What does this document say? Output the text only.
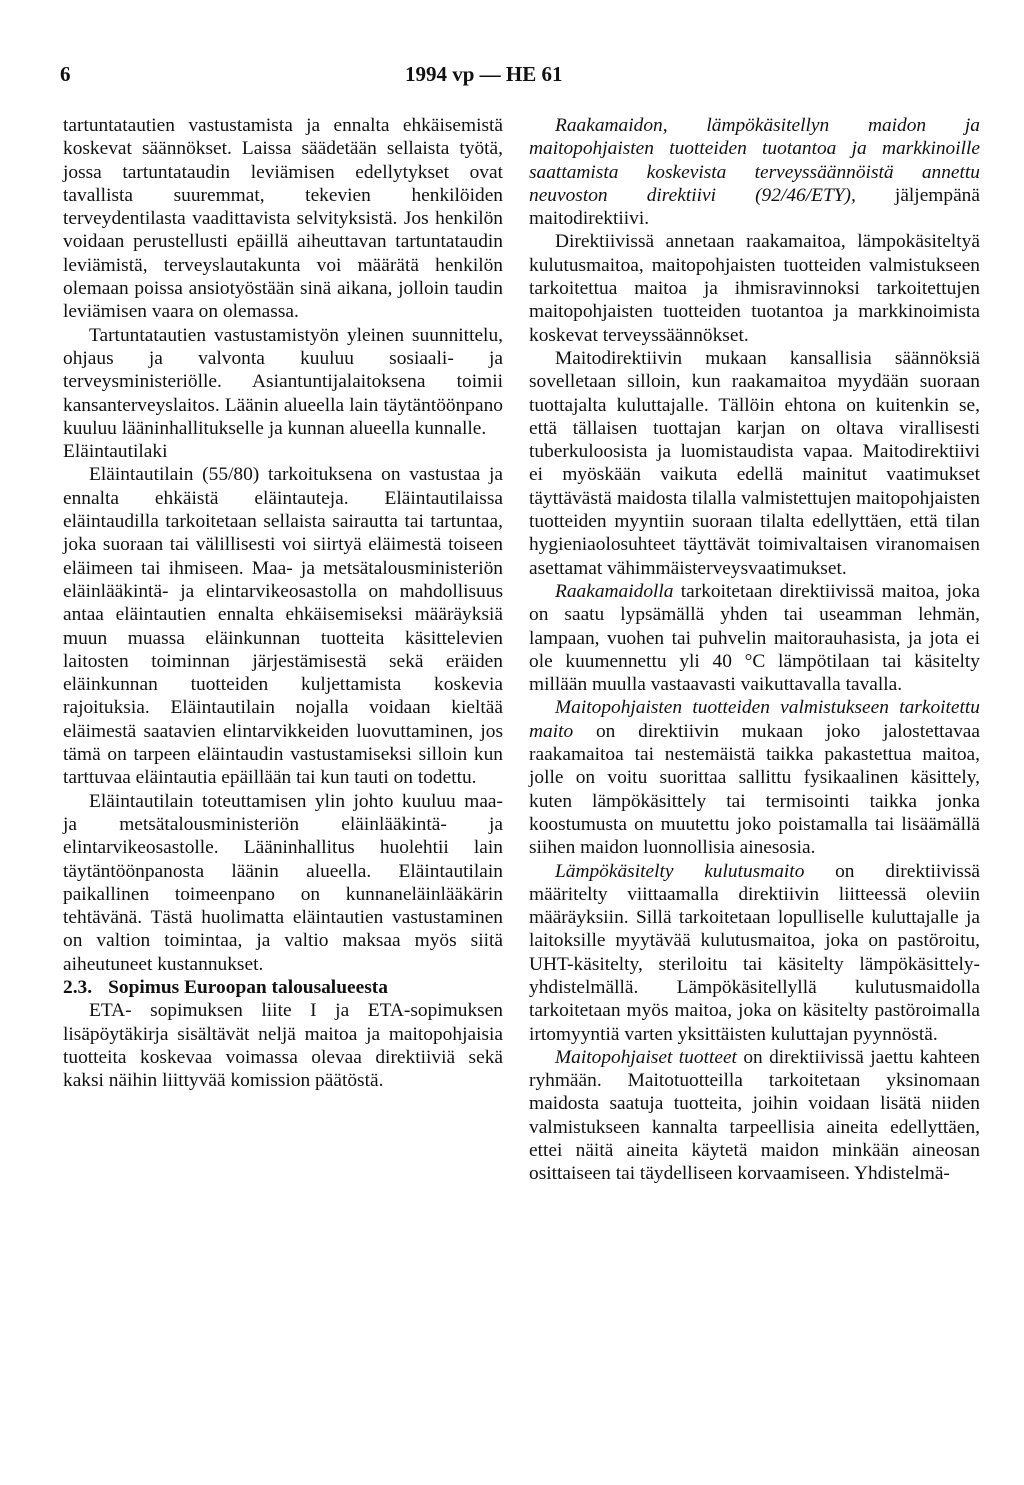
6	1994 vp — HE 61

tartuntatautien vastustamista ja ennalta ehkäisemistä koskevat säännökset. Laissa säädetään sellaista työtä, jossa tartuntataudin leviämisen edellytykset ovat tavallista suuremmat, tekevien henkilöiden terveydentilasta vaadittavista selvityksistä. Jos henkilön voidaan perustellusti epäillä aiheuttavan tartuntataudin leviämistä, terveyslautakunta voi määrätä henkilön olemaan poissa ansiotyöstään sinä aikana, jolloin taudin leviämisen vaara on olemassa.

Tartuntatautien vastustamistyön yleinen suunnittelu, ohjaus ja valvonta kuuluu sosiaali- ja terveysministeriölle. Asiantuntijalaitoksena toimii kansanterveyslaitos. Läänin alueella lain täytäntöönpano kuuluu lääninhallitukselle ja kunnan alueella kunnalle.

Eläintautilaki

Eläintautilain (55/80) tarkoituksena on vastustaa ja ennalta ehkäistä eläintauteja. Eläintautilaissa eläintaudilla tarkoitetaan sellaista sairautta tai tartuntaa, joka suoraan tai välillisesti voi siirtyä eläimestä toiseen eläimeen tai ihmiseen. Maa- ja metsätalousministeriön eläinlääkintä- ja elintarvikeosastolla on mahdollisuus antaa eläintautien ennalta ehkäisemiseksi määräyksiä muun muassa eläinkunnan tuotteita käsittelevien laitosten toiminnan järjestämisestä sekä eräiden eläinkunnan tuotteiden kuljettamista koskevia rajoituksia. Eläintautilain nojalla voidaan kieltää eläimestä saatavien elintarvikkeiden luovuttaminen, jos tämä on tarpeen eläintaudin vastustamiseksi silloin kun tarttuvaa eläintautia epäillään tai kun tauti on todettu.

Eläintautilain toteuttamisen ylin johto kuuluu maa- ja metsätalousministeriön eläinlääkintä- ja elintarvikeosastolle. Lääninhallitus huolehtii lain täytäntöönpanosta läänin alueella. Eläintautilain paikallinen toimeenpano on kunnaneläinlääkärin tehtävänä. Tästä huolimatta eläintautien vastustaminen on valtion toimintaa, ja valtio maksaa myös siitä aiheutuneet kustannukset.

2.3. Sopimus Euroopan talousalueesta

ETA- sopimuksen liite I ja ETA-sopimuksen lisäpöytäkirja sisältävät neljä maitoa ja maitopohjaisia tuotteita koskevaa voimassa olevaa direktiiviä sekä kaksi näihin liittyvää komission päätöstä.

Raakamaidon, lämpökäsitellyn maidon ja maitopohjaisten tuotteiden tuotantoa ja markkinoille saattamista koskevista terveyssäännöistä annettu neuvoston direktiivi (92/46/ETY), jäljempänä maitodirektiivi.

Direktiivissä annetaan raakamaitoa, lämpokäsiteltyä kulutusmaitoa, maitopohjaisten tuotteiden valmistukseen tarkoitettua maitoa ja ihmisravinnoksi tarkoitettujen maitopohjaisten tuotteiden tuotantoa ja markkinoimista koskevat terveyssäännökset.

Maitodirektiivin mukaan kansallisia säännöksiä sovelletaan silloin, kun raakamaitoa myydään suoraan tuottajalta kuluttajalle. Tällöin ehtona on kuitenkin se, että tällaisen tuottajan karjan on oltava virallisesti tuberkuloosista ja luomistaudista vapaa. Maitodirektiivi ei myöskään vaikuta edellä mainitut vaatimukset täyttävästä maidosta tilalla valmistettujen maitopohjaisten tuotteiden myyntiin suoraan tilalta edellyttäen, että tilan hygieniaolosuhteet täyttävät toimivaltaisen viranomaisen asettamat vähimmäisterveysvaatimukset.

Raakamaidolla tarkoitetaan direktiivissä maitoa, joka on saatu lypsämällä yhden tai useamman lehmän, lampaan, vuohen tai puhvelin maitorauhasista, ja jota ei ole kuumennettu yli 40 °C lämpötilaan tai käsitelty millään muulla vastaavasti vaikuttavalla tavalla.

Maitopohjaisten tuotteiden valmistukseen tarkoitettu maito on direktiivin mukaan joko jalostettavaa raakamaitoa tai nestemäistä taikka pakastettua maitoa, jolle on voitu suorittaa sallittu fysikaalinen käsittely, kuten lämpökäsittely tai termisointi taikka jonka koostumusta on muutettu joko poistamalla tai lisäämällä siihen maidon luonnollisia ainesosia.

Lämpökäsitelty kulutusmaito on direktiivissä määritelty viittaamalla direktiivin liitteessä oleviin määräyksiin. Sillä tarkoitetaan lopulliselle kuluttajalle ja laitoksille myytävää kulutusmaitoa, joka on pastöroitu, UHT-käsitelty, steriloitu tai käsitelty lämpökäsittely-yhdistelmällä. Lämpökäsitellyllä kulutusmaidolla tarkoitetaan myös maitoa, joka on käsitelty pastöroimalla irtomyyntiä varten yksittäisten kuluttajan pyynnöstä.

Maitopohjaiset tuotteet on direktiivissä jaettu kahteen ryhmään. Maitotuotteilla tarkoitetaan yksinomaan maidosta saatuja tuotteita, joihin voidaan lisätä niiden valmistukseen kannalta tarpeellisia aineita edellyttäen, ettei näitä aineita käytetä maidon minkään aineosan osittaiseen tai täydelliseen korvaamiseen. Yhdistelmä-
